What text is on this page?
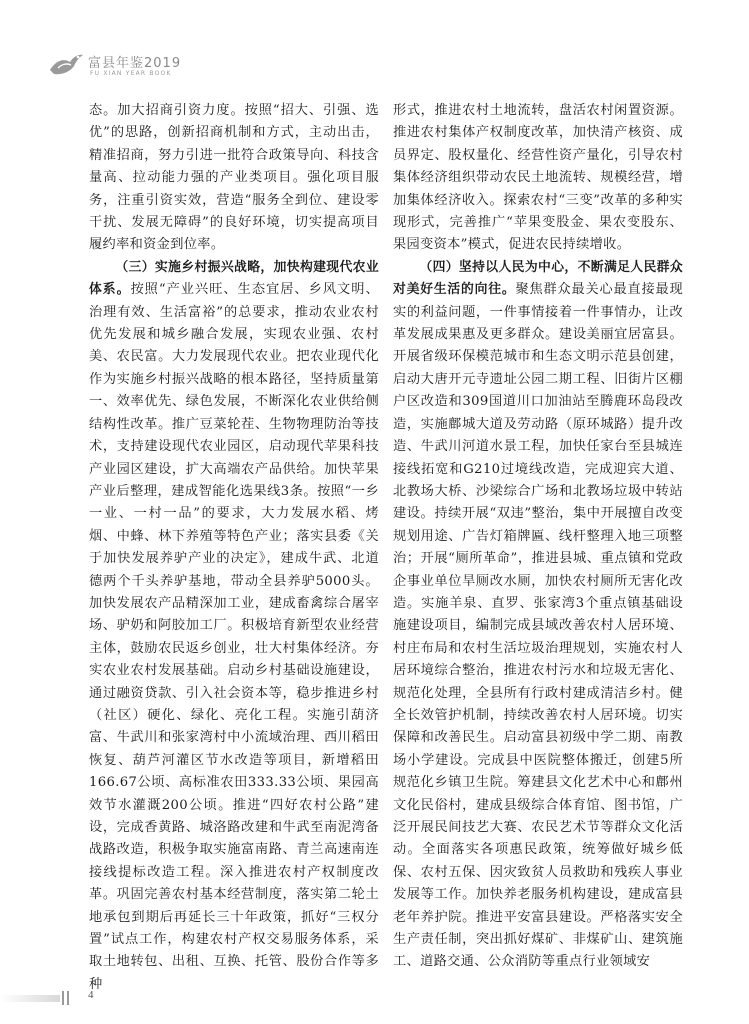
富县年鉴2019
FU XIAN YEAR BOOK

态。加大招商引资力度。按照“招大、引强、选优”的思路，创新招商机制和方式，主动出击，精准招商，努力引进一批符合政策导向、科技含量高、拉动能力强的产业类项目。强化项目服务，注重引资实效，营造“服务全到位、建设零干扰、发展无障碍”的良好环境，切实提高项目履约率和资金到位率。

（三）实施乡村振兴战略，加快构建现代农业体系。按照“产业兴旺、生态宜居、乡风文明、治理有效、生活富裕”的总要求，推动农业农村优先发展和城乡融合发展，实现农业强、农村美、农民富。大力发展现代农业。把农业现代化作为实施乡村振兴战略的根本路径，坚持质量第一、效率优先、绿色发展，不断深化农业供给侧结构性改革。推广豆菜轮茬、生物物理防治等技术，支持建设现代农业园区，启动现代苹果科技产业园区建设，扩大高端农产品供给。加快苹果产业后整理，建成智能化选果线3条。按照“一乡一业、一村一品”的要求，大力发展水稻、烤烟、中蜂、林下养殖等特色产业；落实县委《关于加快发展养驴产业的决定》，建成牛武、北道德两个千头养驴基地，带动全县养驴5000头。加快发展农产品精深加工业，建成畜禽综合屠宰场、驴奶和阿胶加工厂。积极培育新型农业经营主体，鼓励农民返乡创业，壮大村集体经济。夯实农业农村发展基础。启动乡村基础设施建设，通过融资贷款、引入社会资本等，稳步推进乡村（社区）硬化、绿化、亮化工程。实施引葫济富、牛武川和张家湾村中小流域治理、西川稻田恢复、葫芦河灌区节水改造等项目，新增稻田166.67公顷、高标准农田333.33公顷、果园高效节水灌溉200公顷。推进“四好农村公路”建设，完成香黄路、城洛路改建和牛武至南泥湾备战路改造，积极争取实施富南路、青兰高速南连接线提标改造工程。深入推进农村产权制度改革。巩固完善农村基本经营制度，落实第二轮土地承包到期后再延长三十年政策，抓好“三权分置”试点工作，构建农村产权交易服务体系，采取土地转包、出租、互换、托管、股份合作等多种

形式，推进农村土地流转，盘活农村闲置资源。推进农村集体产权制度改革，加快清产核资、成员界定、股权量化、经营性资产量化，引导农村集体经济组织带动农民土地流转、规模经营，增加集体经济收入。探索农村“三变”改革的多种实现形式，完善推广“苹果变股金、果农变股东、果园变资本”模式，促进农民持续增收。

（四）坚持以人民为中心，不断满足人民群众对美好生活的向往。聚焦群众最关心最直接最现实的利益问题，一件事情接着一件事情办，让改革发展成果惠及更多群众。建设美丽宜居富县。开展省级环保模范城市和生态文明示范县创建，启动大唐开元寺遗址公园二期工程、旧街片区棚户区改造和309国道川口加油站至腾鹿环岛段改造，实施鄜城大道及劳动路（原环城路）提升改造、牛武川河道水景工程，加快任家台至县城连接线拓宽和G210过境线改造，完成迎宾大道、北教场大桥、沙梁综合广场和北教场垃圾中转站建设。持续开展“双违”整治，集中开展擅自改变规划用途、广告灯箱牌匾、线杆整理入地三项整治；开展“厕所革命”，推进县城、重点镇和党政企事业单位旱厕改水厕，加快农村厕所无害化改造。实施羊泉、直罗、张家湾3个重点镇基础设施建设项目，编制完成县域改善农村人居环境、村庄布局和农村生活垃圾治理规划，实施农村人居环境综合整治，推进农村污水和垃圾无害化、规范化处理，全县所有行政村建成清洁乡村。健全长效管护机制，持续改善农村人居环境。切实保障和改善民生。启动富县初级中学二期、南教场小学建设。完成县中医院整体搬迁，创建5所规范化乡镇卫生院。筹建县文化艺术中心和鄜州文化民俗村，建成县级综合体育馆、图书馆，广泛开展民间技艺大赛、农民艺术节等群众文化活动。全面落实各项惠民政策，统筹做好城乡低保、农村五保、因灾致贫人员救助和残疾人事业发展等工作。加快养老服务机构建设，建成富县老年养护院。推进平安富县建设。严格落实安全生产责任制，突出抓好煤矿、非煤矿山、建筑施工、道路交通、公众消防等重点行业领域安

4
